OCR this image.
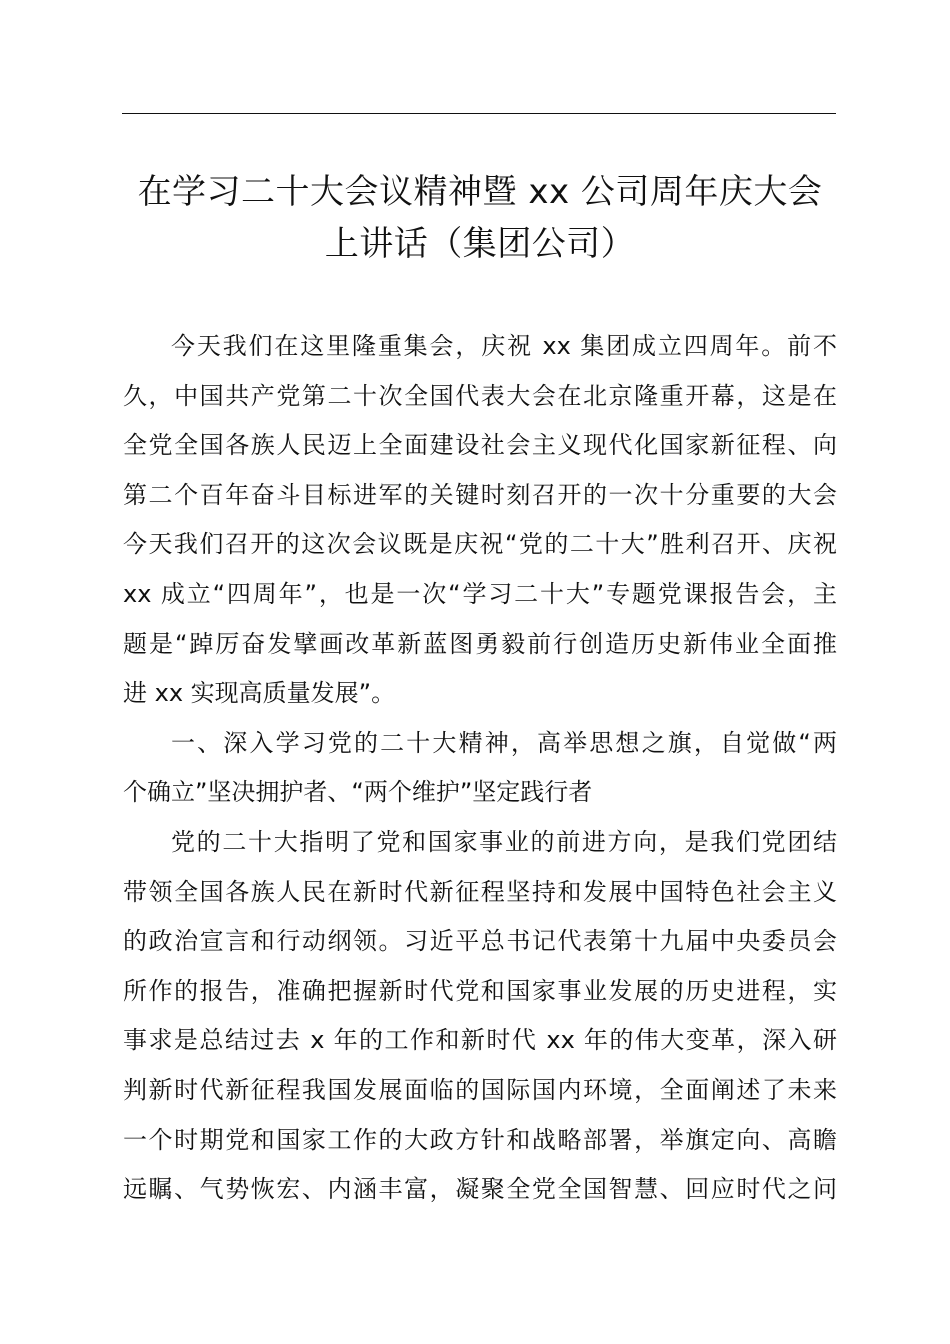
在学习二十大会议精神暨 xx 公司周年庆大会
上讲话（集团公司）
今天我们在这里隆重集会，庆祝 xx 集团成立四周年。前不
久，中国共产党第二十次全国代表大会在北京隆重开幕，这是在
全党全国各族人民迈上全面建设社会主义现代化国家新征程、向
第二个百年奋斗目标进军的关键时刻召开的一次十分重要的大会
今天我们召开的这次会议既是庆祝“党的二十大”胜利召开、庆祝
xx 成立“四周年”，也是一次“学习二十大”专题党课报告会，主
题是“踔厉奋发擘画改革新蓝图勇毅前行创造历史新伟业全面推
进 xx 实现高质量发展”。
一、深入学习党的二十大精神，高举思想之旗，自觉做“两
个确立”坚决拥护者、“两个维护”坚定践行者
党的二十大指明了党和国家事业的前进方向，是我们党团结
带领全国各族人民在新时代新征程坚持和发展中国特色社会主义
的政治宣言和行动纲领。习近平总书记代表第十九届中央委员会
所作的报告，准确把握新时代党和国家事业发展的历史进程，实
事求是总结过去 x 年的工作和新时代 xx 年的伟大变革，深入研
判新时代新征程我国发展面临的国际国内环境，全面阐述了未来
一个时期党和国家工作的大政方针和战略部署，举旗定向、高瞻
远瞩、气势恢宏、内涵丰富，凝聚全党全国智慧、回应时代之问
